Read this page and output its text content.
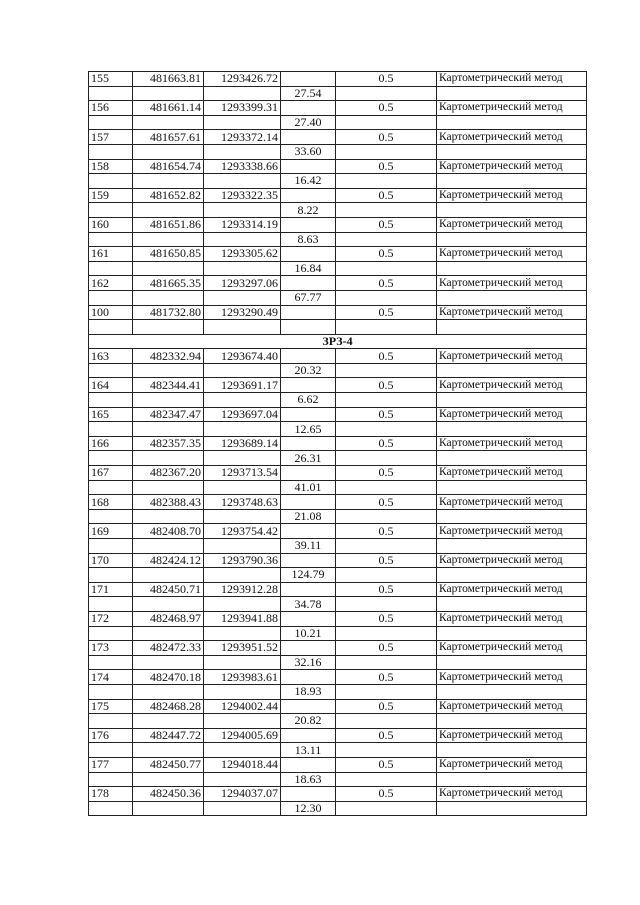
155	481663.81	1293426.72		0.5	Картометрический метод
			27.54		
156	481661.14	1293399.31		0.5	Картометрический метод
			27.40		
157	481657.61	1293372.14		0.5	Картометрический метод
			33.60		
158	481654.74	1293338.66		0.5	Картометрический метод
			16.42		
159	481652.82	1293322.35		0.5	Картометрический метод
			8.22		
160	481651.86	1293314.19		0.5	Картометрический метод
			8.63		
161	481650.85	1293305.62		0.5	Картометрический метод
			16.84		
162	481665.35	1293297.06		0.5	Картометрический метод
			67.77		
100	481732.80	1293290.49		0.5	Картометрический метод

ЗРЗ-4					
163	482332.94	1293674.40		0.5	Картометрический метод
			20.32		
164	482344.41	1293691.17		0.5	Картометрический метод
			6.62		
165	482347.47	1293697.04		0.5	Картометрический метод
			12.65		
166	482357.35	1293689.14		0.5	Картометрический метод
			26.31		
167	482367.20	1293713.54		0.5	Картометрический метод
			41.01		
168	482388.43	1293748.63		0.5	Картометрический метод
			21.08		
169	482408.70	1293754.42		0.5	Картометрический метод
			39.11		
170	482424.12	1293790.36		0.5	Картометрический метод
			124.79		
171	482450.71	1293912.28		0.5	Картометрический метод
			34.78		
172	482468.97	1293941.88		0.5	Картометрический метод
			10.21		
173	482472.33	1293951.52		0.5	Картометрический метод
			32.16		
174	482470.18	1293983.61		0.5	Картометрический метод
			18.93		
175	482468.28	1294002.44		0.5	Картометрический метод
			20.82		
176	482447.72	1294005.69		0.5	Картометрический метод
			13.11		
177	482450.77	1294018.44		0.5	Картометрический метод
			18.63		
178	482450.36	1294037.07		0.5	Картометрический метод
			12.30		
